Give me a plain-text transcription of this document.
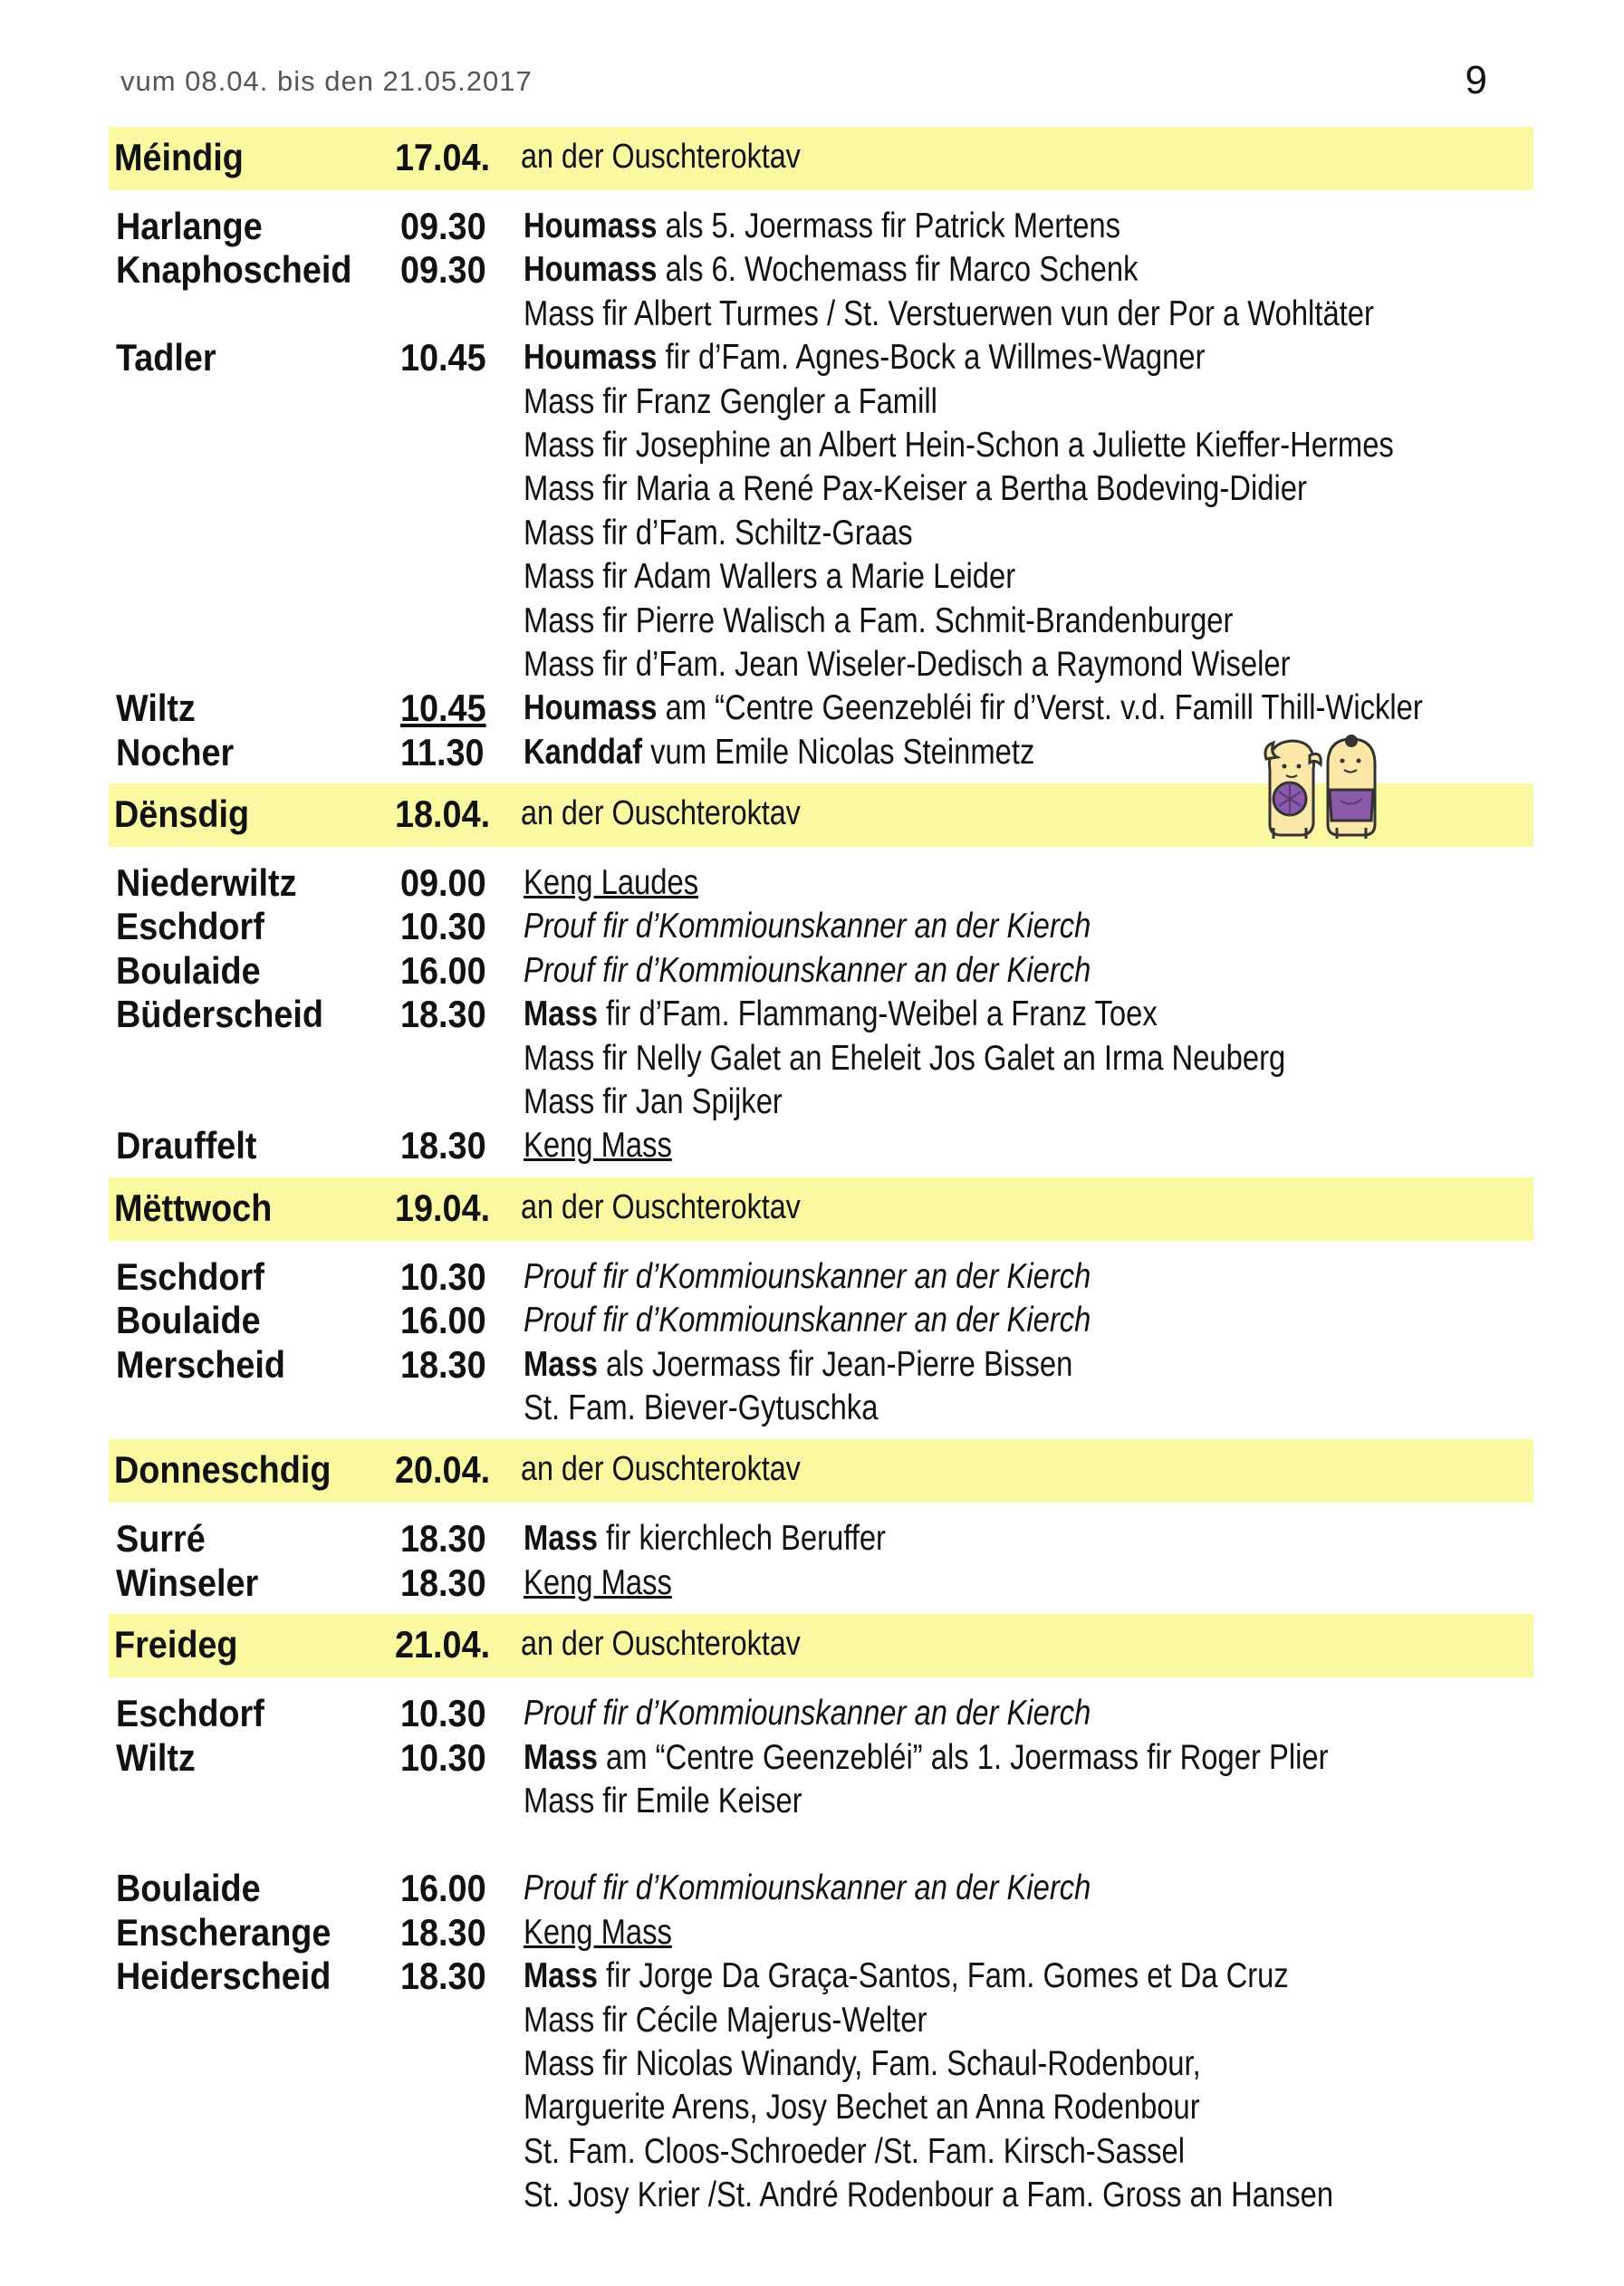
vum 08.04. bis den 21.05.2017	9
Méindig	17.04. an der Ouschteroktav
Harlange	09.30 Houmass als 5. Joermass fir Patrick Mertens
Knaphoscheid 09.30 Houmass als 6. Wochemass fir Marco Schenk
Mass fir Albert Turmes / St. Verstuerwen vun der Por a Wohltäter
Tadler	10.45 Houmass fir d’Fam. Agnes-Bock a Willmes-Wagner
Mass fir Franz Gengler a Famill
Mass fir Josephine an Albert Hein-Schon a Juliette Kieffer-Hermes
Mass fir Maria a René Pax-Keiser a Bertha Bodeving-Didier
Mass fir d’Fam. Schiltz-Graas
Mass fir Adam Wallers a Marie Leider
Mass fir Pierre Walisch a Fam. Schmit-Brandenburger
Mass fir d’Fam. Jean Wiseler-Dedisch a Raymond Wiseler
Wiltz	10.45 Houmass am “Centre Geenzebléi fir d’Verst. v.d. Famill Thill-Wickler
Nocher	11.30 Kanddaf vum Emile Nicolas Steinmetz
Dënsdig	18.04. an der Ouschteroktav
Niederwiltz	09.00 Keng Laudes
Eschdorf	10.30 Prouf fir d’Kommiounskanner an der Kierch
Boulaide	16.00 Prouf fir d’Kommiounskanner an der Kierch
Büderscheid 18.30 Mass fir d’Fam. Flammang-Weibel a Franz Toex
Mass fir Nelly Galet an Eheleit Jos Galet an Irma Neuberg
Mass fir Jan Spijker
Drauffelt	18.30 Keng Mass
Mëttwoch	19.04. an der Ouschteroktav
Eschdorf	10.30 Prouf fir d’Kommiounskanner an der Kierch
Boulaide	16.00 Prouf fir d’Kommiounskanner an der Kierch
Merscheid	18.30 Mass als Joermass fir Jean-Pierre Bissen
St. Fam. Biever-Gytuschka
Donneschdig 20.04. an der Ouschteroktav
Surré	18.30 Mass fir kierchlech Beruffer
Winseler	18.30 Keng Mass
Freideg	21.04. an der Ouschteroktav
Eschdorf	10.30 Prouf fir d’Kommiounskanner an der Kierch
Wiltz	10.30 Mass am “Centre Geenzebléi” als 1. Joermass fir Roger Plier
Mass fir Emile Keiser
Boulaide	16.00 Prouf fir d’Kommiounskanner an der Kierch
Enscherange 18.30 Keng Mass
Heiderscheid 18.30 Mass fir Jorge Da Graça-Santos, Fam. Gomes et Da Cruz
Mass fir Cécile Majerus-Welter
Mass fir Nicolas Winandy, Fam. Schaul-Rodenbour,
Marguerite Arens, Josy Bechet an Anna Rodenbour
St. Fam. Cloos-Schroeder /St. Fam. Kirsch-Sassel
St. Josy Krier /St. André Rodenbour a Fam. Gross an Hansen
